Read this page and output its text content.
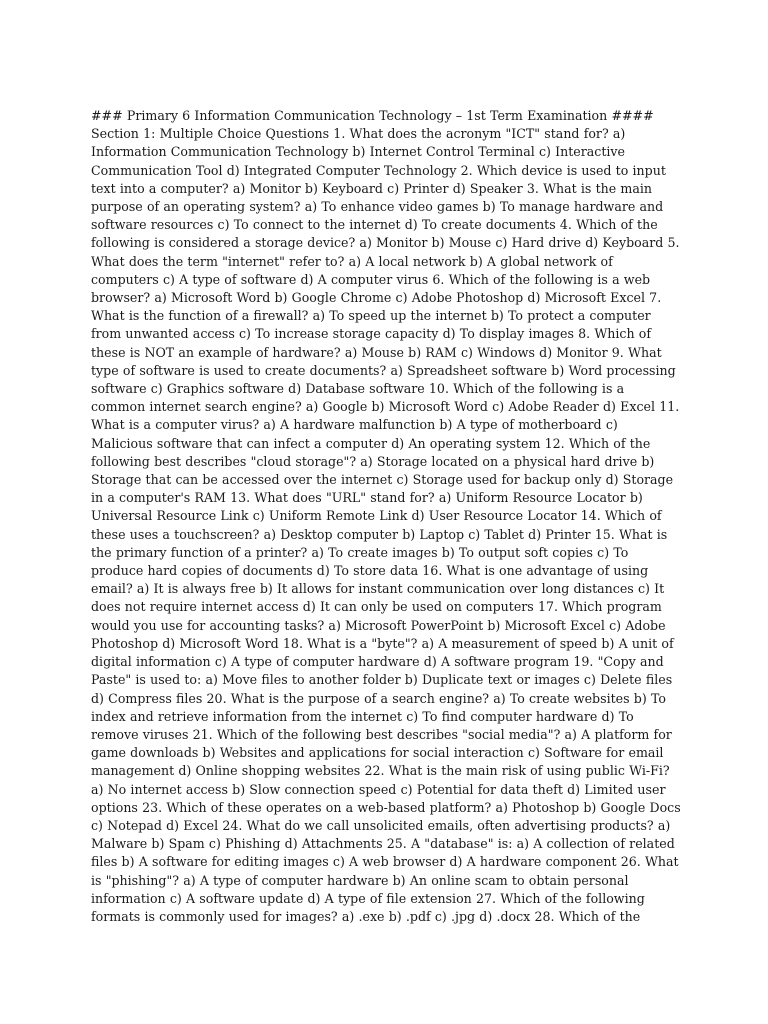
### Primary 6 Information Communication Technology – 1st Term Examination #### Section 1: Multiple Choice Questions 1. What does the acronym "ICT" stand for? a) Information Communication Technology b) Internet Control Terminal c) Interactive Communication Tool d) Integrated Computer Technology 2. Which device is used to input text into a computer? a) Monitor b) Keyboard c) Printer d) Speaker 3. What is the main purpose of an operating system? a) To enhance video games b) To manage hardware and software resources c) To connect to the internet d) To create documents 4. Which of the following is considered a storage device? a) Monitor b) Mouse c) Hard drive d) Keyboard 5. What does the term "internet" refer to? a) A local network b) A global network of computers c) A type of software d) A computer virus 6. Which of the following is a web browser? a) Microsoft Word b) Google Chrome c) Adobe Photoshop d) Microsoft Excel 7. What is the function of a firewall? a) To speed up the internet b) To protect a computer from unwanted access c) To increase storage capacity d) To display images 8. Which of these is NOT an example of hardware? a) Mouse b) RAM c) Windows d) Monitor 9. What type of software is used to create documents? a) Spreadsheet software b) Word processing software c) Graphics software d) Database software 10. Which of the following is a common internet search engine? a) Google b) Microsoft Word c) Adobe Reader d) Excel 11. What is a computer virus? a) A hardware malfunction b) A type of motherboard c) Malicious software that can infect a computer d) An operating system 12. Which of the following best describes "cloud storage"? a) Storage located on a physical hard drive b) Storage that can be accessed over the internet c) Storage used for backup only d) Storage in a computer's RAM 13. What does "URL" stand for? a) Uniform Resource Locator b) Universal Resource Link c) Uniform Remote Link d) User Resource Locator 14. Which of these uses a touchscreen? a) Desktop computer b) Laptop c) Tablet d) Printer 15. What is the primary function of a printer? a) To create images b) To output soft copies c) To produce hard copies of documents d) To store data 16. What is one advantage of using email? a) It is always free b) It allows for instant communication over long distances c) It does not require internet access d) It can only be used on computers 17. Which program would you use for accounting tasks? a) Microsoft PowerPoint b) Microsoft Excel c) Adobe Photoshop d) Microsoft Word 18. What is a "byte"? a) A measurement of speed b) A unit of digital information c) A type of computer hardware d) A software program 19. "Copy and Paste" is used to: a) Move files to another folder b) Duplicate text or images c) Delete files d) Compress files 20. What is the purpose of a search engine? a) To create websites b) To index and retrieve information from the internet c) To find computer hardware d) To remove viruses 21. Which of the following best describes "social media"? a) A platform for game downloads b) Websites and applications for social interaction c) Software for email management d) Online shopping websites 22. What is the main risk of using public Wi-Fi? a) No internet access b) Slow connection speed c) Potential for data theft d) Limited user options 23. Which of these operates on a web-based platform? a) Photoshop b) Google Docs c) Notepad d) Excel 24. What do we call unsolicited emails, often advertising products? a) Malware b) Spam c) Phishing d) Attachments 25. A "database" is: a) A collection of related files b) A software for editing images c) A web browser d) A hardware component 26. What is "phishing"? a) A type of computer hardware b) An online scam to obtain personal information c) A software update d) A type of file extension 27. Which of the following formats is commonly used for images? a) .exe b) .pdf c) .jpg d) .docx 28. Which of the
